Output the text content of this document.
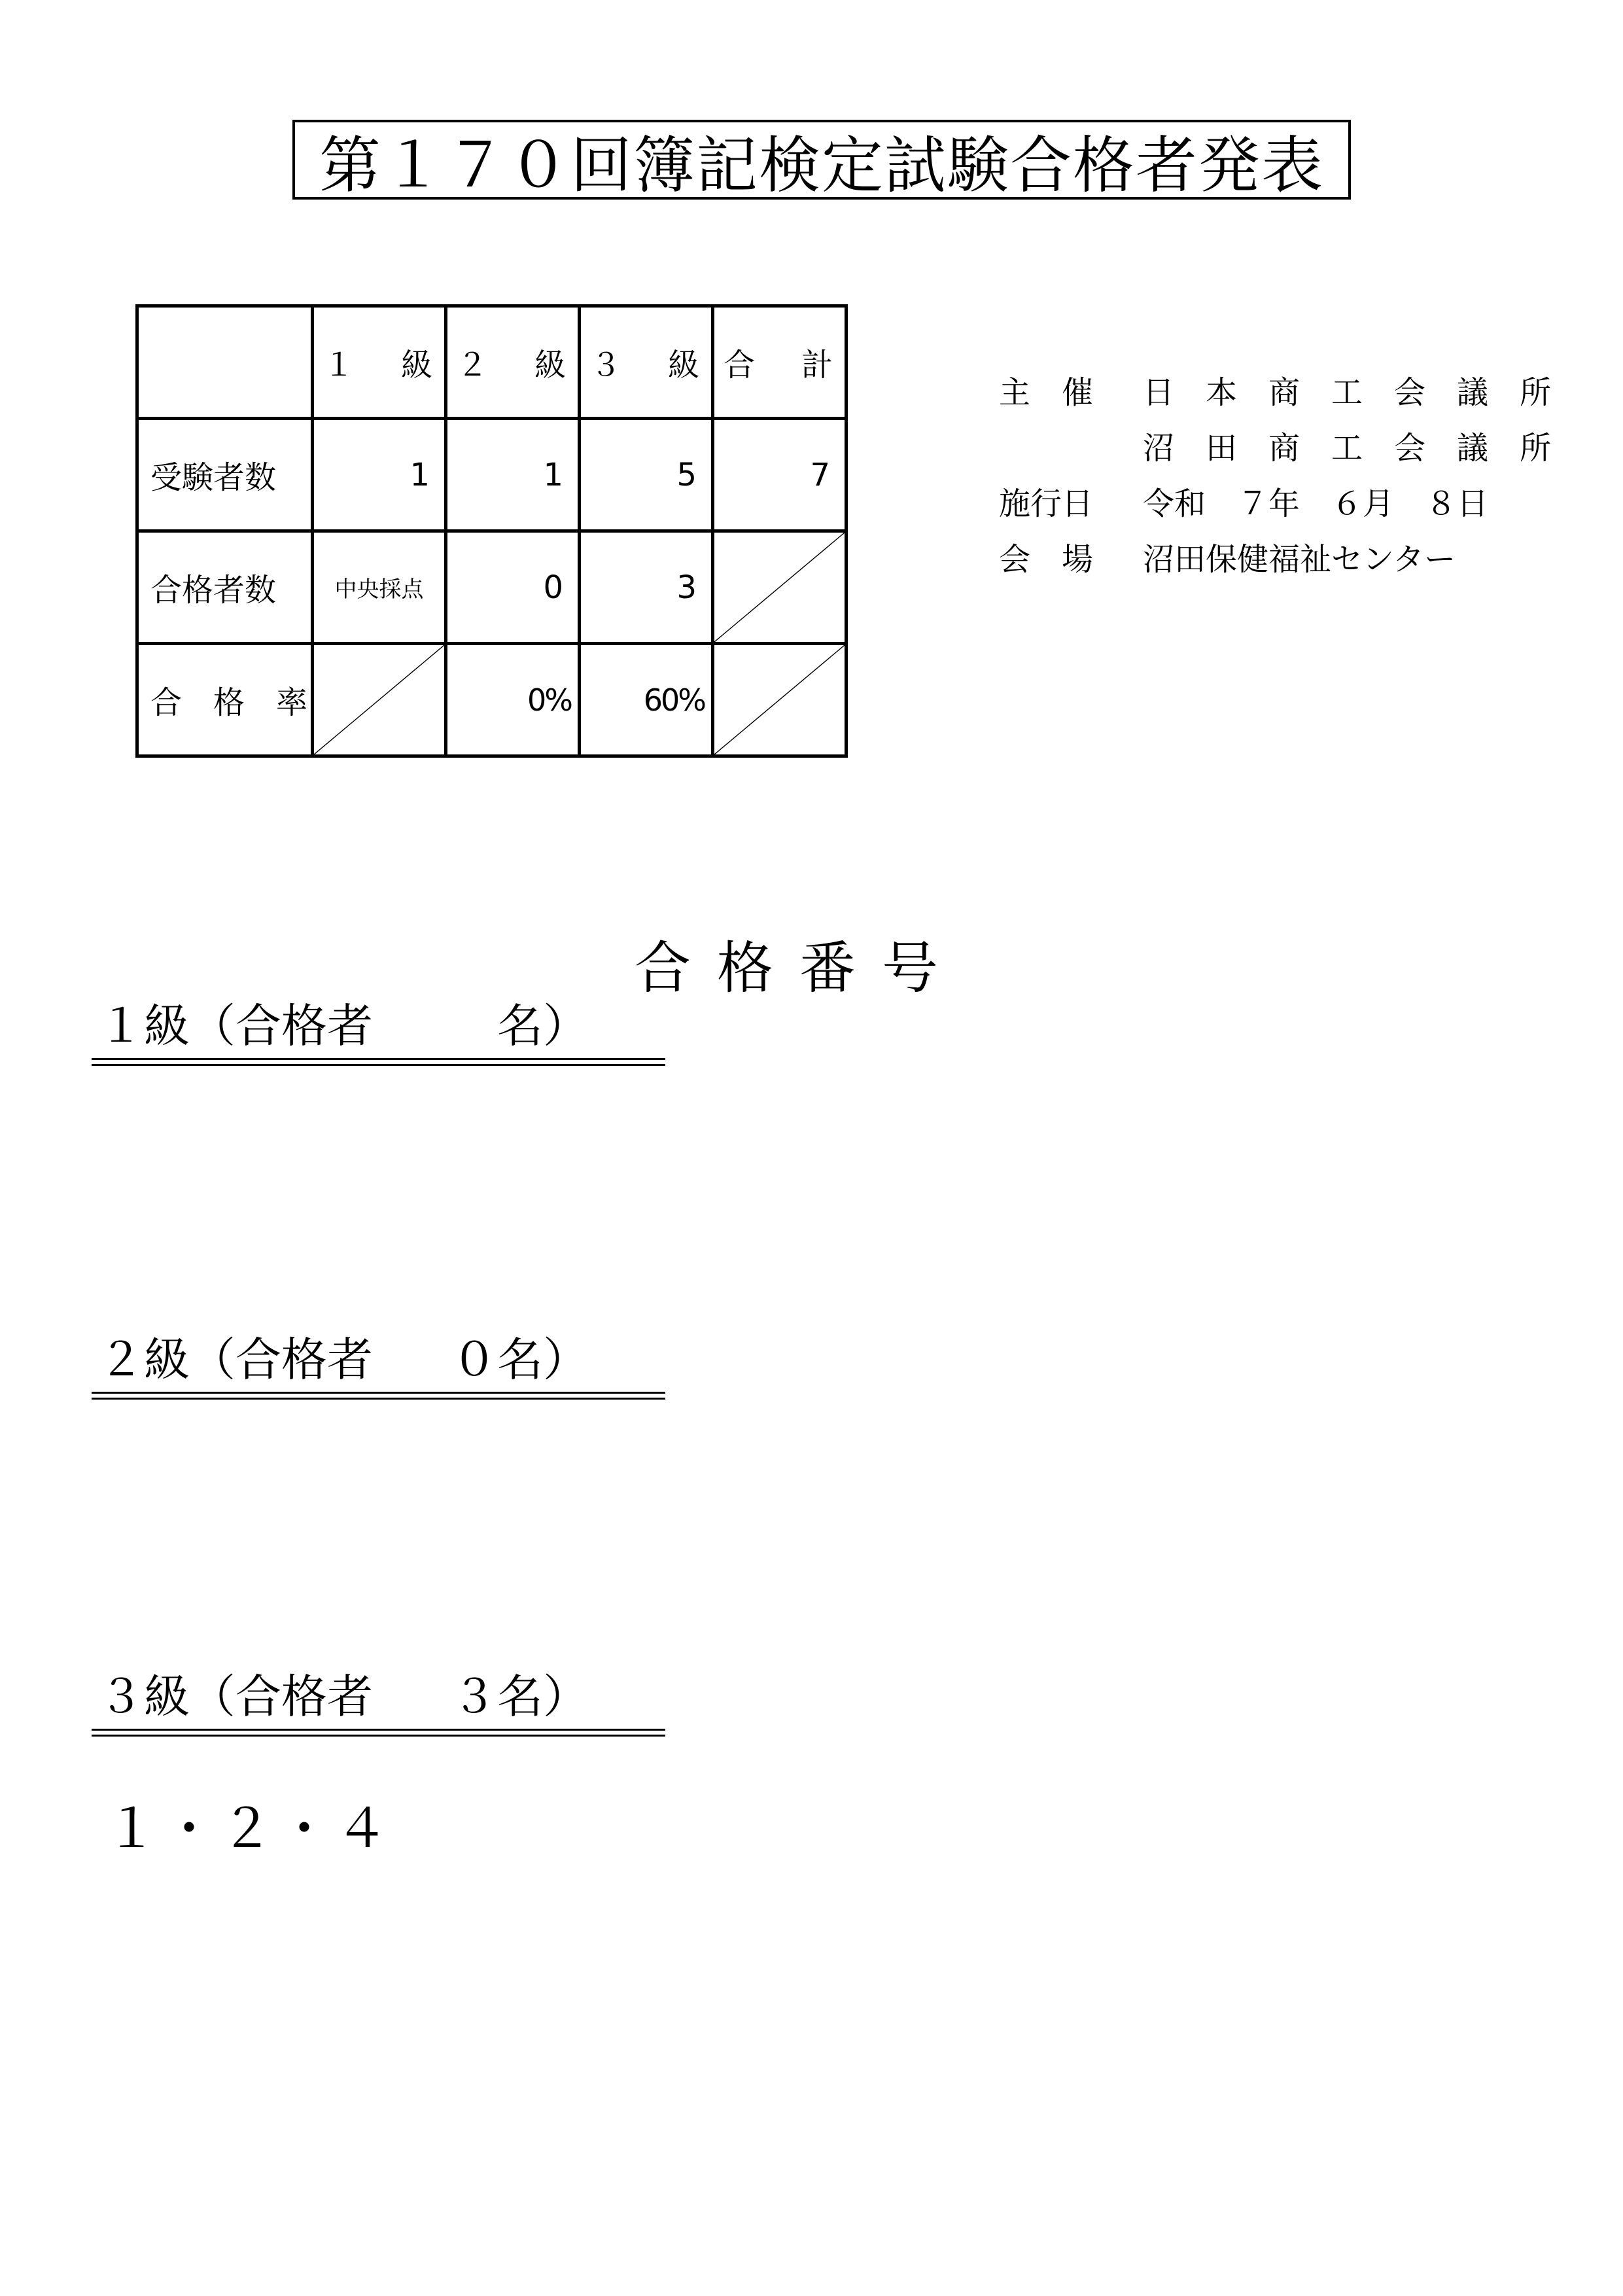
第１７０回簿記検定試験合格者発表

	１ 級	２ 級	３ 級	合 計

受験者数	1	1	5	7
合格者数	中央採点	0	3	

合　格　率		0%	60%	
主　催	日　本　商　工　会　議　所
沼　田　商　工　会　議　所
施行日	令和　７年　６月　８日
会　場	沼田保健福祉センター
合格番号
１級（合格者	名）
２級（合格者 ０名）
３級（合格者 ３名）
１・２・４
